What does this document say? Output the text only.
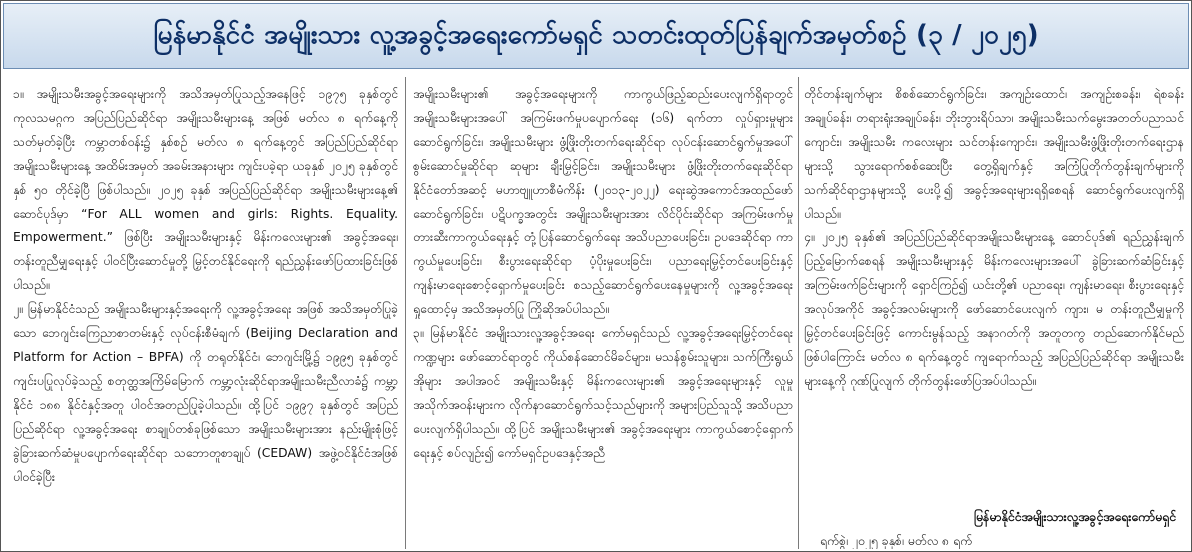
မြန်မာနိုင်ငံ အမျိုးသား လူ့အခွင့်အရေးကော်မရှင် သတင်းထုတ်ပြန်ချက်အမှတ်စဉ် (၃ / ၂၀၂၅)

၁။ အမျိုးသမီးအခွင့်အရေးများကို အသိအမှတ်ပြုသည့်အနေဖြင့် ၁၉၇၅ ခုနှစ်တွင် ကုလသမဂ္ဂက အပြည်ပြည်ဆိုင်ရာ အမျိုးသမီးများနေ့ အဖြစ် မတ်လ ၈ ရက်နေ့ကို သတ်မှတ်ခဲ့ပြီး ကမ္ဘာတစ်ဝန်း၌ နှစ်စဉ် မတ်လ ၈ ရက်နေ့တွင် အပြည်ပြည်ဆိုင်ရာအမျိုးသမီးများနေ့ အထိမ်းအမှတ် အခမ်းအနားများ ကျင်းပခဲ့ရာ ယခုနှစ် ၂၀၂၅ ခုနှစ်တွင် နှစ် ၅၀ တိုင်ခဲ့ပြီ ဖြစ်ပါသည်။ ၂၀၂၅ ခုနှစ် အပြည်ပြည်ဆိုင်ရာ အမျိုးသမီးများနေ့၏ ဆောင်ပုဒ်မှာ “For ALL women and girls: Rights. Equality. Empowerment.” ဖြစ်ပြီး အမျိုးသမီးများနှင့် မိန်းကလေးများ၏ အခွင့်အရေး၊ တန်းတူညီမျှရေးနှင့် ပါဝင်ပြီးဆောင်မှုတို့ မြှင့်တင်နိုင်ရေးကို ရည်ညွှန်းဖော်ပြထားခြင်းဖြစ်ပါသည်။

၂။ မြန်မာနိုင်ငံသည် အမျိုးသမီးများနှင့်အရေးကို လူ့အခွင့်အရေး အဖြစ် အသိအမှတ်ပြုခဲ့သော ဘေဂျင်းကြေညာစာတမ်းနှင့် လုပ်ငန်းစီမံချက် (Beijing Declaration and Platform for Action – BPFA) ကို တရုတ်နိုင်ငံ၊ ဘေဂျင်းမြို့၌ ၁၉၉၅ ခုနှစ်တွင် ကျင်းပပြုလုပ်ခဲ့သည့် စတုတ္ထအကြိမ်မြောက် ကမ္ဘာ့လုံးဆိုင်ရာအမျိုးသမီးညီလာခံ၌ ကမ္ဘာ့နိုင်ငံ ၁၈၈ နိုင်ငံနှင့်အတူ ပါဝင်အတည်ပြုခဲ့ပါသည်။ ထို့ပြင် ၁၉၉၇ ခုနှစ်တွင် အပြည်ပြည်ဆိုင်ရာ လူ့အခွင့်အရေး စာချုပ်တစ်ခုဖြစ်သော အမျိုးသမီးများအား နည်းမျိုးစုံဖြင့် ခွဲခြားဆက်ဆံမှုပပျောက်ရေးဆိုင်ရာ သဘောတူစာချုပ် (CEDAW) အဖွဲ့ဝင်နိုင်ငံအဖြစ် ပါဝင်ခဲ့ပြီး

အမျိုးသမီးများ၏ အခွင့်အရေးများကို ကာကွယ်ဖြည့်ဆည်းပေးလျက်ရှိရာတွင် အမျိုးသမီးများအပေါ် အကြမ်းဖက်မှုပပျောက်ရေး (၁၆) ရက်တာ လှုပ်ရှားမှုများဆောင်ရွက်ခြင်း၊ အမျိုးသမီးများ ဖွံ့ဖြိုးတိုးတက်ရေးဆိုင်ရာ လုပ်ငန်းဆောင်ရွက်မှုအပေါ် စွမ်းဆောင်မှုဆိုင်ရာ ဆုများ ချီးမြှင့်ခြင်း၊ အမျိုးသမီးများ ဖွံ့ဖြိုးတိုးတက်ရေးဆိုင်ရာ နိုင်ငံတော်အဆင့် မဟာဗျူဟာစီမံကိန်း (၂၀၁၃-၂၀၂၂) ရေးဆွဲအကောင်အထည်ဖော် ဆောင်ရွက်ခြင်း၊ ပဋိပက္ခအတွင်း အမျိုးသမီးများအား လိင်ပိုင်းဆိုင်ရာ အကြမ်းဖက်မှုတားဆီးကာကွယ်ရေးနှင့် တုံ့ပြန်ဆောင်ရွက်ရေး အသိပညာပေးခြင်း၊ ဥပဒေဆိုင်ရာ ကာကွယ်မှုပေးခြင်း၊ စီးပွားရေးဆိုင်ရာ ပံ့ပိုးမှုပေးခြင်း၊ ပညာရေးမြှင့်တင်ပေးခြင်းနှင့် ကျန်းမာရေးစောင့်ရှောက်မှုပေးခြင်း စသည့်ဆောင်ရွက်ပေးနေမှုများကို လူ့အခွင့်အရေးရှုထောင့်မှ အသိအမှတ်ပြု ကြိုဆိုအပ်ပါသည်။

၃။ မြန်မာနိုင်ငံ အမျိုးသားလူ့အခွင့်အရေး ကော်မရှင်သည် လူ့အခွင့်အရေးမြှင့်တင်ရေးကဏ္ဍများ ဖော်ဆောင်ရာတွင် ကိုယ်စန်ဆောင်မိခင်များ၊ မသန်စွမ်းသူများ၊ သက်ကြီးရွယ်အိုများ အပါအဝင် အမျိုးသမီးနှင့် မိန်းကလေးများ၏ အခွင့်အရေးများနှင့် လူမှုအသိုက်အဝန်းများက လိုက်နာဆောင်ရွက်သင့်သည်များကို အများပြည်သူသို့ အသိပညာပေးလျက်ရှိပါသည်။ ထို့ပြင် အမျိုးသမီးများ၏ အခွင့်အရေးများ ကာကွယ်စောင့်ရှောက်ရေးနှင့် စပ်လျဉ်း၍ ကော်မရှင်ဥပဒေနှင့်အညီ

တိုင်တန်းချက်များ စိစစ်ဆောင်ရွက်ခြင်း၊ အကျဉ်းထောင်၊ အကျဉ်းစခန်း၊ ရဲစခန်းအချုပ်ခန်း၊ တရားရုံးအချုပ်ခန်း၊ ဘိုးဘွားရိပ်သာ၊ အမျိုးသမီးသက်မွေးအတတ်ပညာသင်ကျောင်း၊ အမျိုးသမီး ကလေးများ သင်တန်းကျောင်း၊ အမျိုးသမီးဖွံ့ဖြိုးတိုးတက်ရေးဌာနများသို့ သွားရောက်စစ်ဆေးပြီး တွေ့ရှိချက်နှင့် အကြံပြုတိုက်တွန်းချက်များကို သက်ဆိုင်ရာဌာနများသို့ ပေးပို့၍ အခွင့်အရေးများရရှိစေရန် ဆောင်ရွက်ပေးလျက်ရှိပါသည်။

၄။ ၂၀၂၅ ခုနှစ်၏ အပြည်ပြည်ဆိုင်ရာအမျိုးသမီးများနေ့ ဆောင်ပုဒ်၏ ရည်ညွှန်းချက် ပြည့်မြောက်စေရန် အမျိုးသမီးများနှင့် မိန်းကလေးများအပေါ် ခွဲခြားဆက်ဆံခြင်းနှင့် အကြမ်းဖက်ခြင်းများကို ရှောင်ကြဉ်၍ ယင်းတို့၏ ပညာရေး၊ ကျန်းမာရေး၊ စီးပွားရေးနှင့် အလုပ်အကိုင် အခွင့်အလမ်းများကို ဖော်ဆောင်ပေးလျက် ကျား၊ မ တန်းတူညီမျှမှုကို မြှင့်တင်ပေးခြင်းဖြင့် ကောင်းမွန်သည့် အနာဂတ်ကို အတူတကွ တည်ဆောက်နိုင်မည်ဖြစ်ပါကြောင်း မတ်လ ၈ ရက်နေ့တွင် ကျရောက်သည့် အပြည်ပြည်ဆိုင်ရာ အမျိုးသမီးများနေ့ကို ဂုဏ်ပြုလျက် တိုက်တွန်းဖော်ပြအပ်ပါသည်။

မြန်မာနိုင်ငံအမျိုးသားလူ့အခွင့်အရေးကော်မရှင်
ရက်စွဲ၊ ၂၀၂၅ ခုနှစ်၊ မတ်လ ၈ ရက်
